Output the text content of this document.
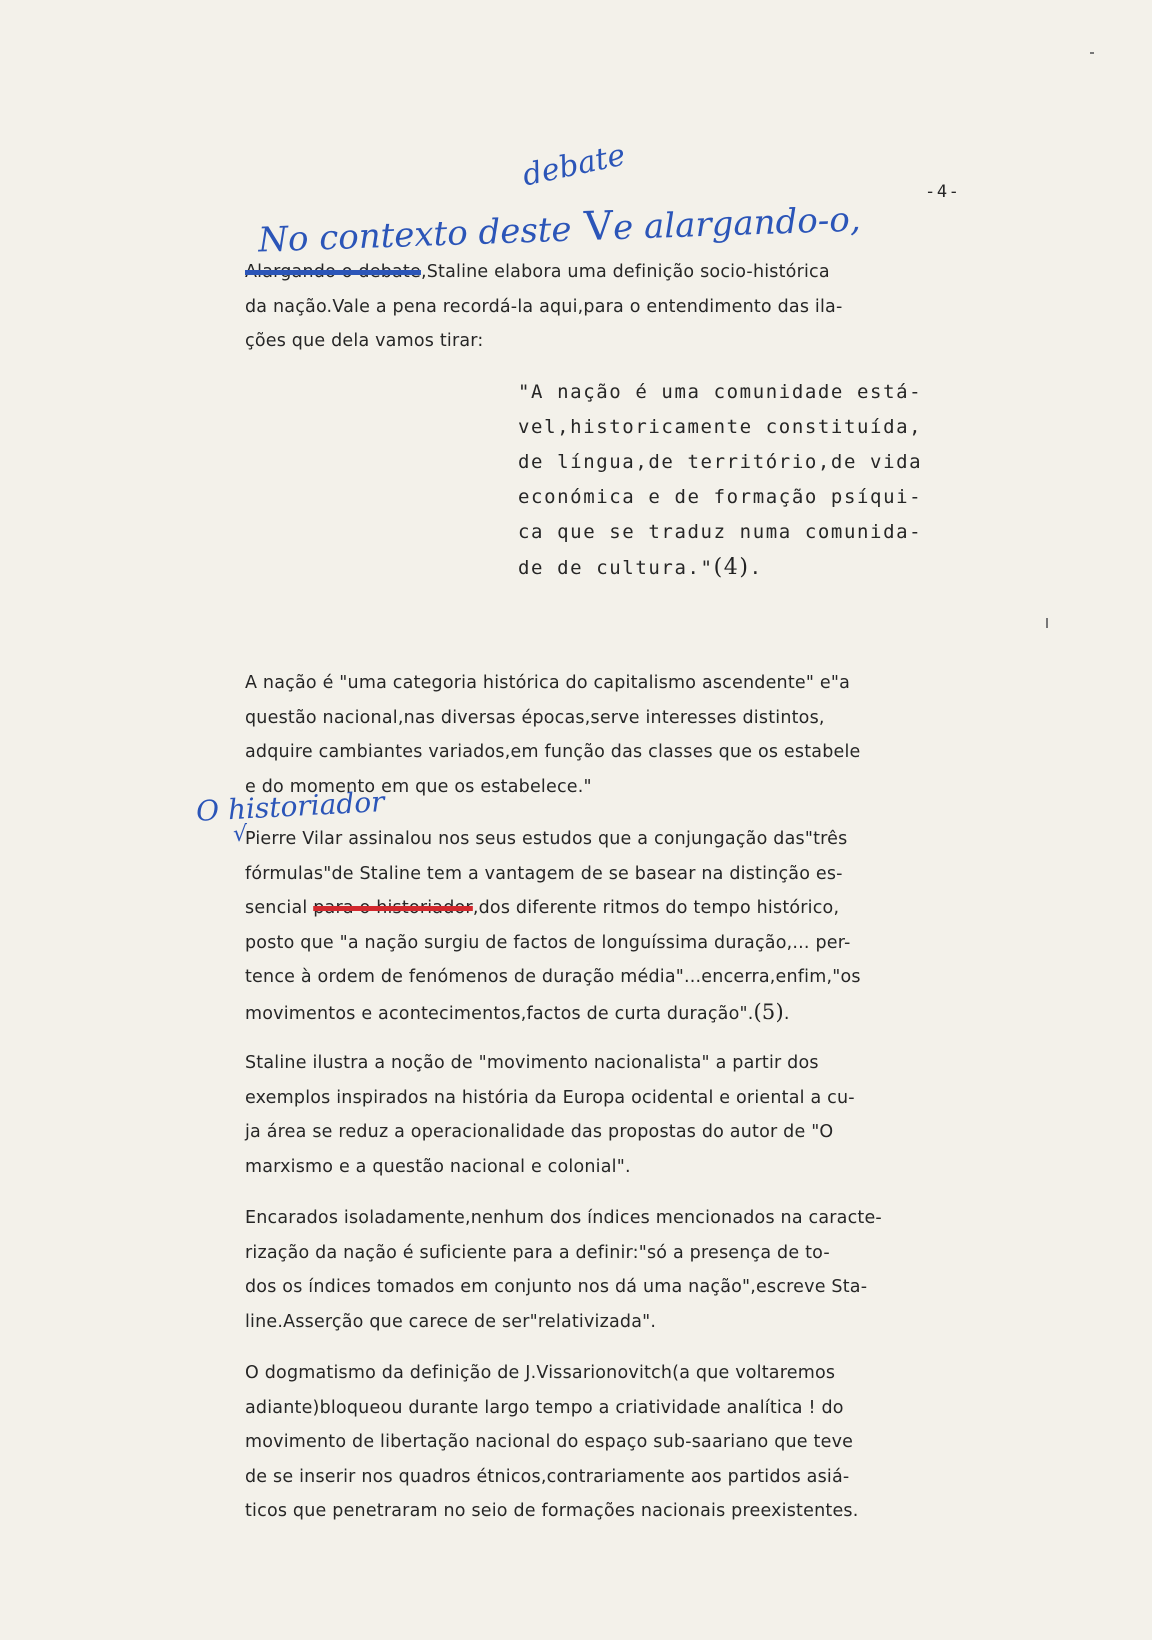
-4-
debate
No contexto deste Ve alargando-o,
O historiador
√
Alargando o debate,Staline elabora uma definição socio-histórica
da nação.Vale a pena recordá-la aqui,para o entendimento das ila-
ções que dela vamos tirar:
"A nação é uma comunidade está-
vel,historicamente constituída,
de língua,de território,de vida
económica e de formação psíqui-
ca que se traduz numa comunida-
de de cultura."(4).
A nação é "uma categoria histórica do capitalismo ascendente" e"a
questão nacional,nas diversas épocas,serve interesses distintos,
adquire cambiantes variados,em função das classes que os estabele
e do momento em que os estabelece."
Pierre Vilar assinalou nos seus estudos que a conjungação das"três
fórmulas"de Staline tem a vantagem de se basear na distinção es-
sencial para o historiador,dos diferente ritmos do tempo histórico,
posto que "a nação surgiu de factos de longuíssima duração,... per-
tence à ordem de fenómenos de duração média"...encerra,enfim,"os
movimentos e acontecimentos,factos de curta duração".(5).
Staline ilustra a noção de "movimento nacionalista" a partir dos
exemplos inspirados na história da Europa ocidental e oriental a cu-
ja área se reduz a operacionalidade das propostas do autor de "O
marxismo e a questão nacional e colonial".
Encarados isoladamente,nenhum dos índices mencionados na caracte-
rização da nação é suficiente para a definir:"só a presença de to-
dos os índices tomados em conjunto nos dá uma nação",escreve Sta-
line.Asserção que carece de ser"relativizada".
O dogmatismo da definição de J.Vissarionovitch(a que voltaremos
adiante)bloqueou durante largo tempo a criatividade analítica ! do
movimento de libertação nacional do espaço sub-saariano que teve
de se inserir nos quadros étnicos,contrariamente aos partidos asiá-
ticos que penetraram no seio de formações nacionais preexistentes.
